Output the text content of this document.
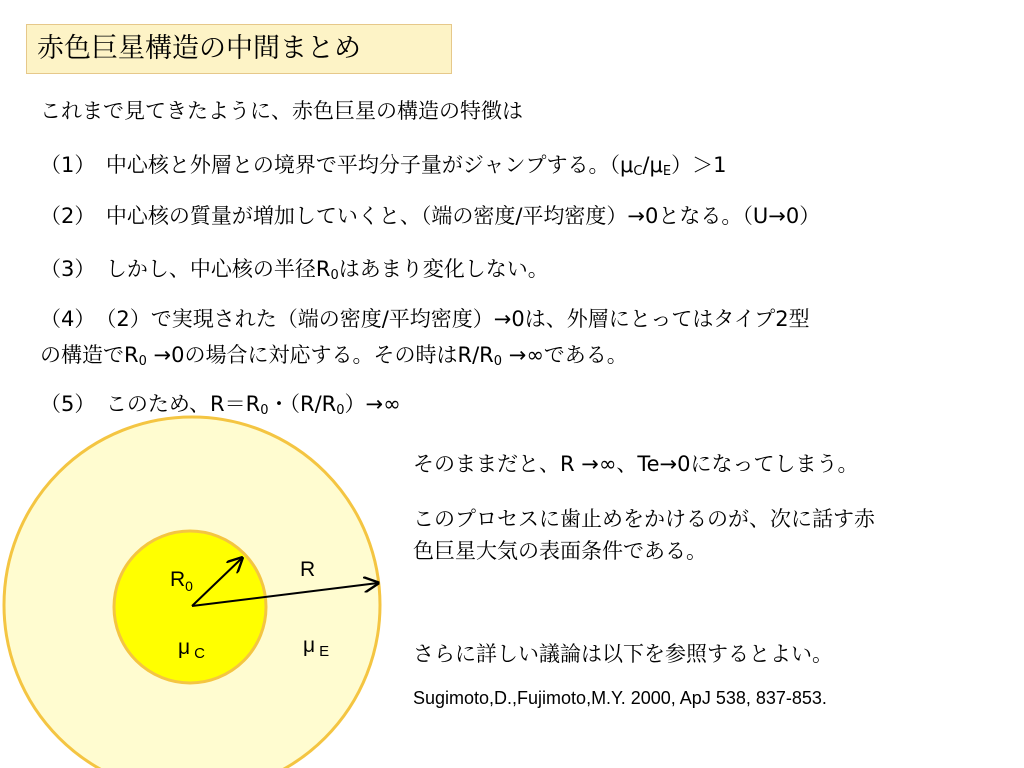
赤色巨星構造の中間まとめ
これまで見てきたように、赤色巨星の構造の特徴は
（1）　中心核と外層との境界で平均分子量がジャンプする。$(\mu_C/\mu_E)>1$
（2）　中心核の質量が増加していくと、（端の密度/平均密度）→0となる。（U→0）
（3）　しかし、中心核の半径$R_0$はあまり変化しない。
（4）　（2）で実現された（端の密度/平均密度）→0は、外層にとってはタイプ2型
の構造で$R_0 \to 0$の場合に対応する。その時は$R/R_0$ →∞である。
（5）　このため、$R=R_0$・$(R/R_0)\to\infty$
$R_0$
R
μ C	μ E
そのままだと、R →∞、Te→0になってしまう。
このプロセスに歯止めをかけるのが、次に話す赤
色巨星大気の表面条件である。
さらに詳しい議論は以下を参照するとよい。
Sugimoto,D.,Fujimoto,M.Y. 2000, ApJ 538, 837-853.
